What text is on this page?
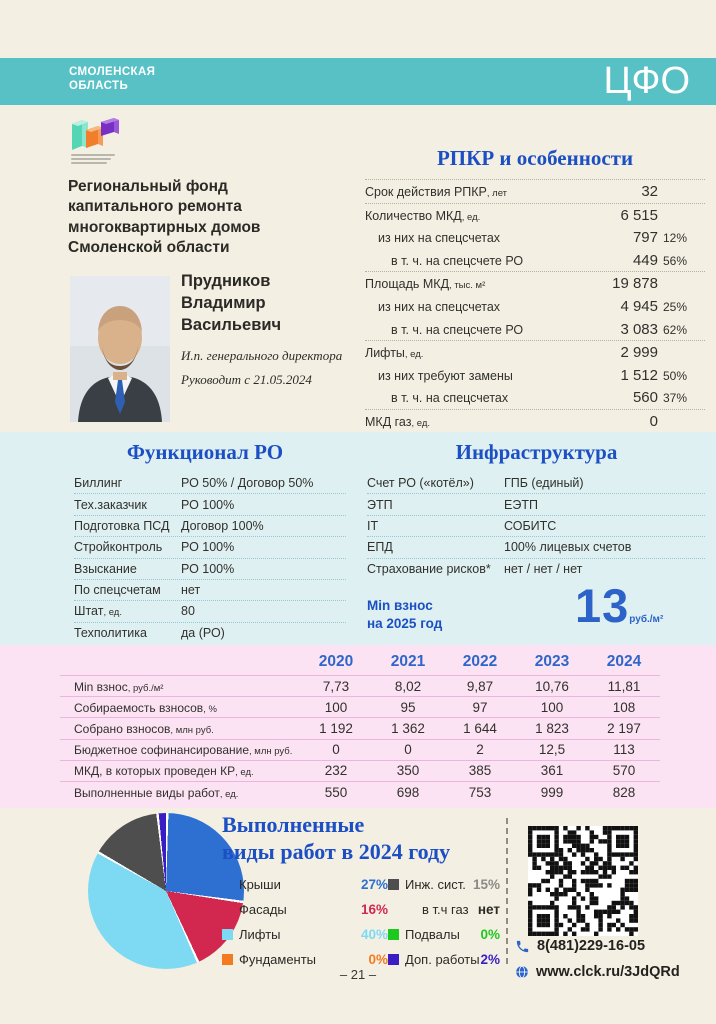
СМОЛЕНСКАЯ
ОБЛАСТЬ	ЦФО
Региональный фонд
капитального ремонта
многоквартирных домов
Смоленской области
Прудников
Владимир
Васильевич
И.п. генерального директора
Руководит с 21.05.2024
РПКР и особенности
Срок действия РПКР, лет	32
Количество МКД, ед.	6 515
из них на спецсчетах	797 12%
в т. ч. на спецсчете РО	449 56%
Площадь МКД, тыс. м²	19 878
из них на спецсчетах	4 945 25%
в т. ч. на спецсчете РО	3 083 62%
Лифты, ед.	2 999
из них требуют замены	1 512 50%
в т. ч. на спецсчетах	560 37%
МКД газ, ед.	0
Функционал РО
Биллинг	РО 50% / Договор 50%
Тех.заказчик	РО 100%
Подготовка ПСД Договор 100%
Стройконтроль	РО 100%
Взыскание	РО 100%
По спецсчетам	нет
Штат, ед.	80
Техполитика	да (РО)
Инфраструктура
Счет РО («котёл»)	ГПБ (единый)
ЭТП	ЕЭТП
IT	СОБИТС
ЕПД	100% лицевых счетов
Страхование рисков*	нет / нет / нет
Min взнос
на 2025 год	13руб./м²
2020	2021	2022	2023	2024
Min взнос, руб./м²	7,73	8,02	9,87	10,76	11,81
Собираемость взносов, %	100	95	97	100	108
Собрано взносов, млн руб.	1 192	1 362	1 644	1 823	2 197
Бюджетное софинансирование, млн руб.	0	0	2	12,5	113
МКД, в которых проведен КР, ед.	232	350	385	361	570
Выполненные виды работ, ед.	550	698	753	999	828
Выполненные
виды работ в 2024 году
Крыши	27%
Фасады	16%
Лифты	40%
Фундаменты	0%
Инж. сист. 15%
в т.ч газ нет
Подвалы 0%
Доп. работы 2%
8(481)229-16-05
www.clck.ru/3JdQRd
– 21 –
